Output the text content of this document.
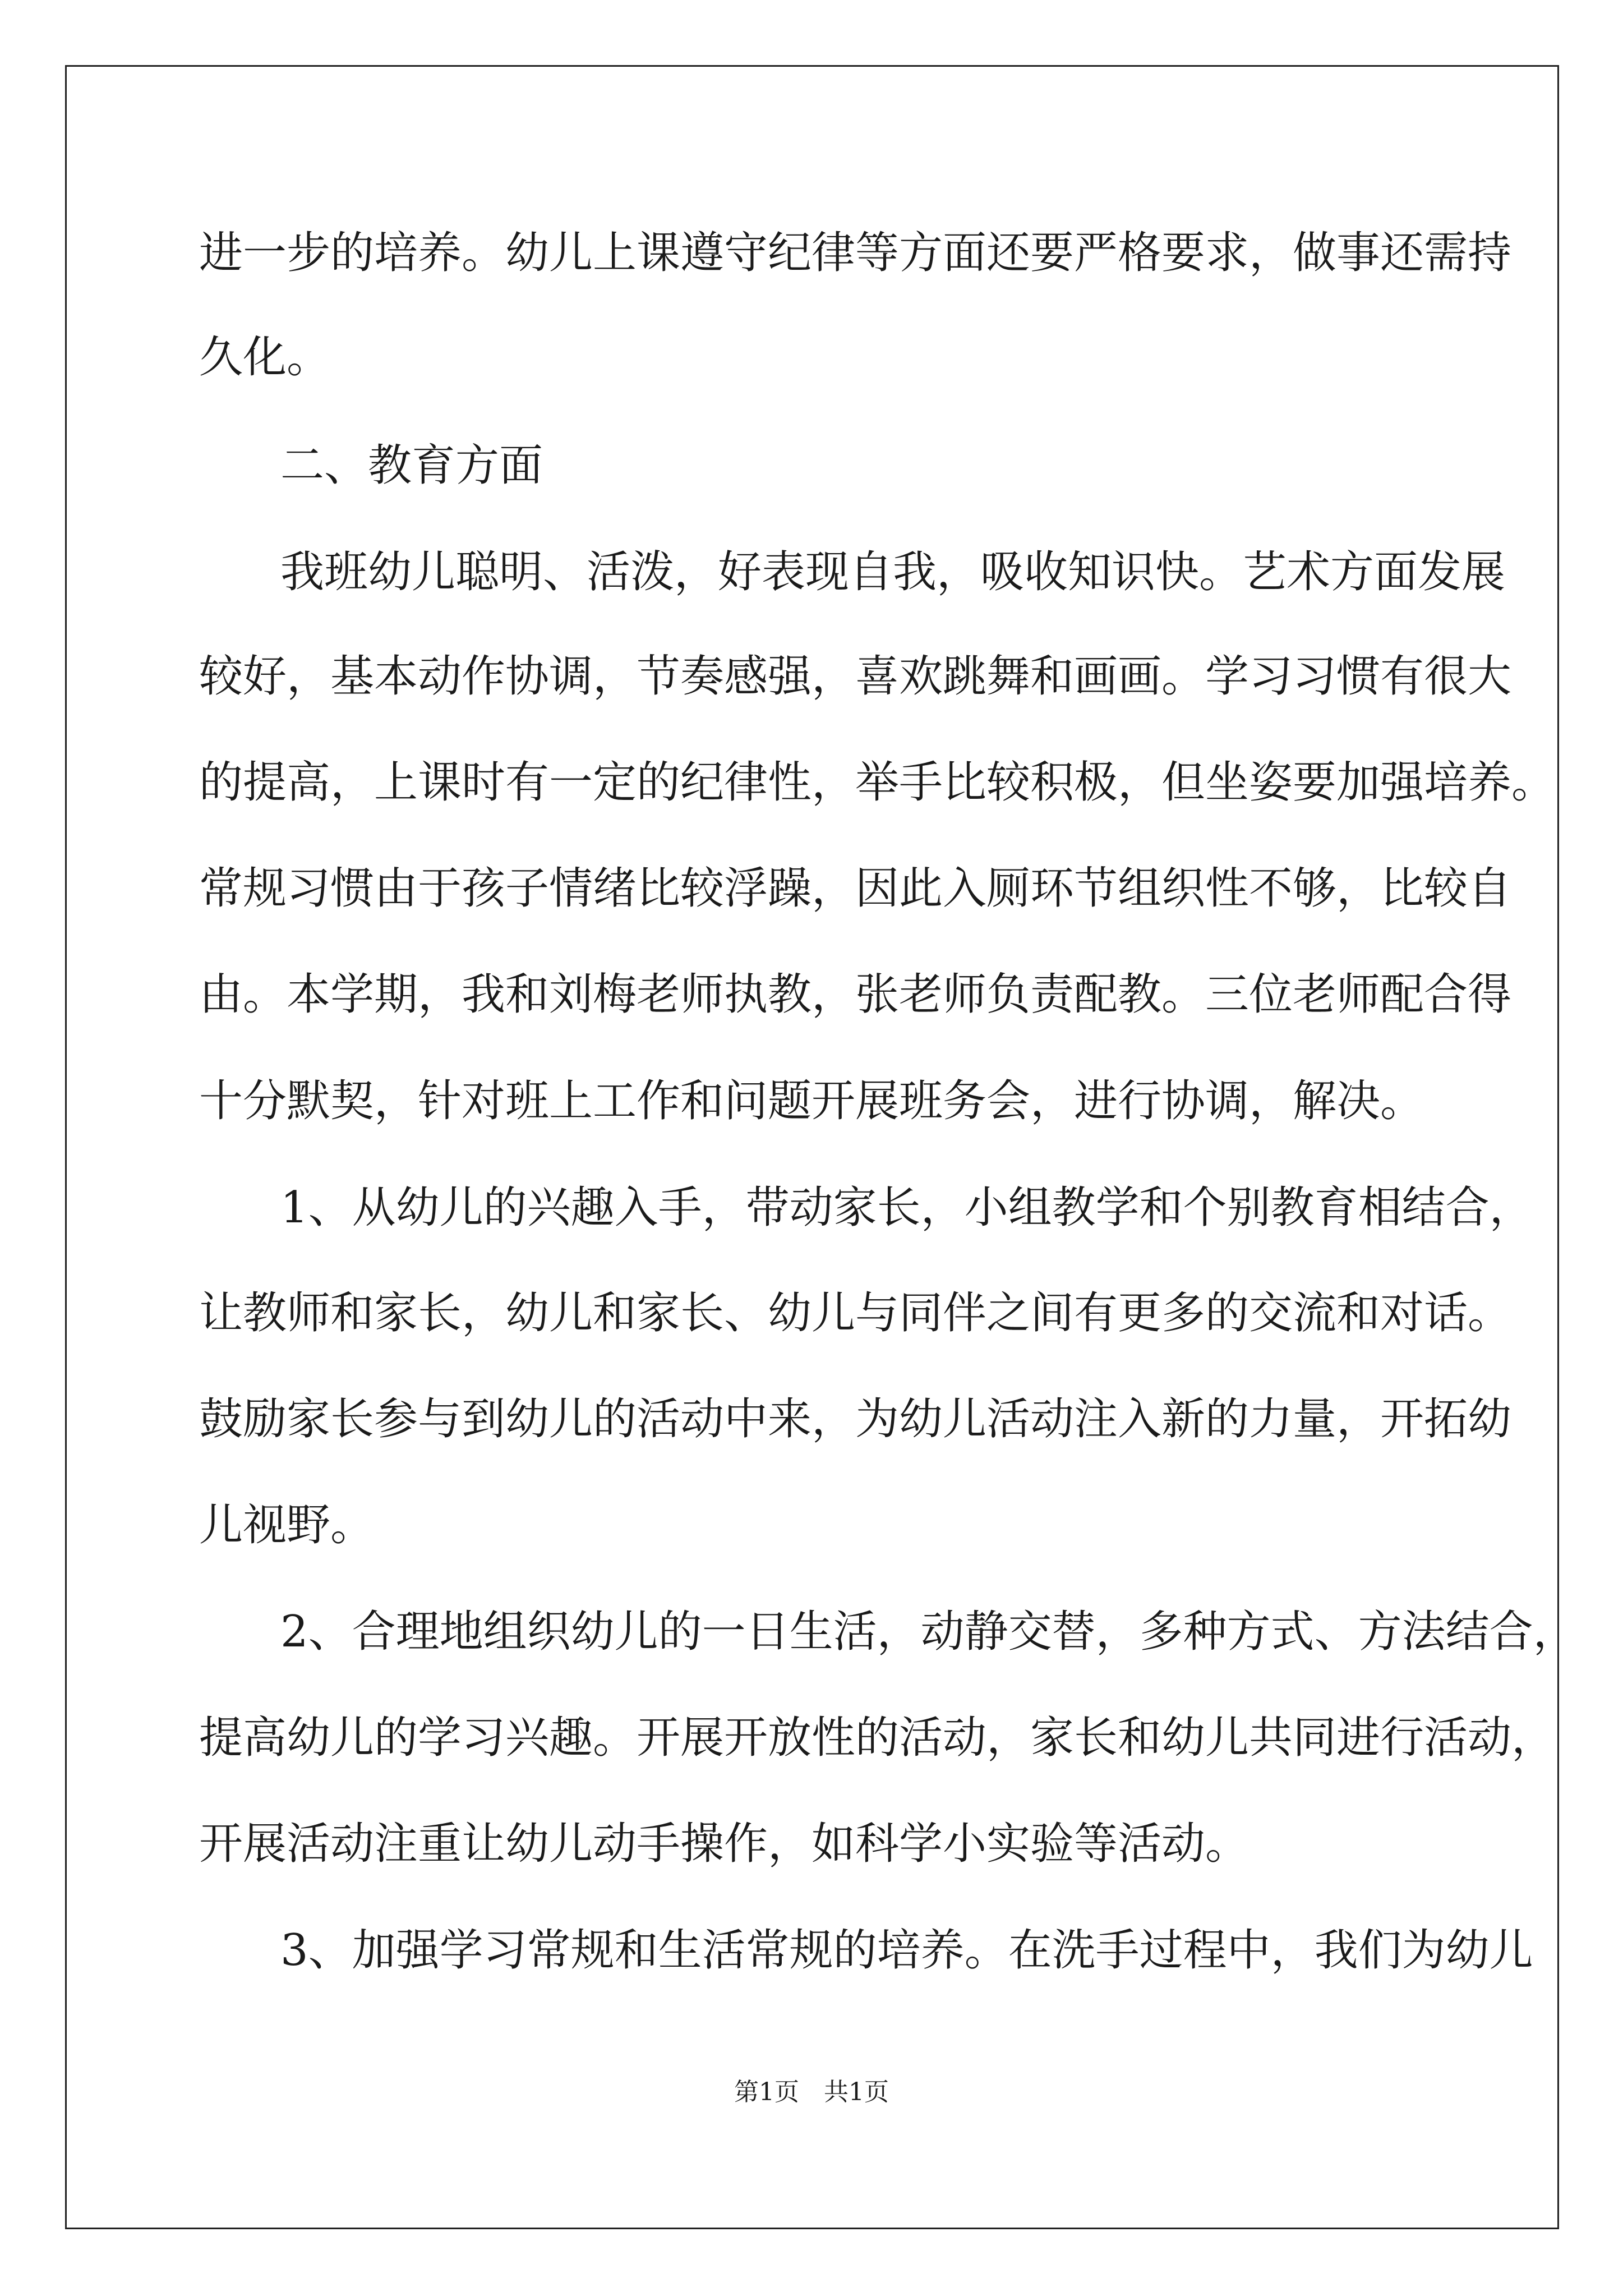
进一步的培养。幼儿上课遵守纪律等方面还要严格要求，做事还需持
久化。
二、教育方面
我班幼儿聪明、活泼，好表现自我，吸收知识快。艺术方面发展
较好，基本动作协调，节奏感强，喜欢跳舞和画画。学习习惯有很大
的提高，上课时有一定的纪律性，举手比较积极，但坐姿要加强培养。
常规习惯由于孩子情绪比较浮躁，因此入厕环节组织性不够，比较自
由。本学期，我和刘梅老师执教，张老师负责配教。三位老师配合得
十分默契，针对班上工作和问题开展班务会，进行协调，解决。
1、从幼儿的兴趣入手，带动家长，小组教学和个别教育相结合，
让教师和家长，幼儿和家长、幼儿与同伴之间有更多的交流和对话。
鼓励家长参与到幼儿的活动中来，为幼儿活动注入新的力量，开拓幼
儿视野。
2、合理地组织幼儿的一日生活，动静交替，多种方式、方法结合，
提高幼儿的学习兴趣。开展开放性的活动，家长和幼儿共同进行活动，
开展活动注重让幼儿动手操作，如科学小实验等活动。
3、加强学习常规和生活常规的培养。在洗手过程中，我们为幼儿
第1页　共1页
